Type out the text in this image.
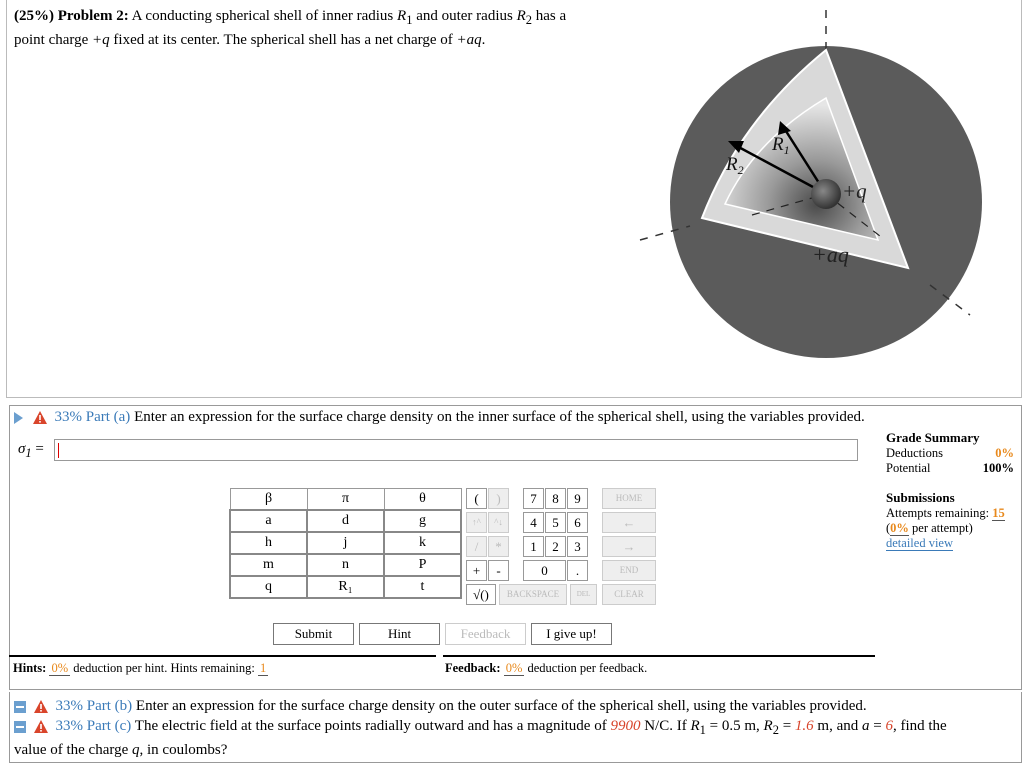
(25%) Problem 2: A conducting spherical shell of inner radius $R_1$ and outer radius $R_2$ has a
point charge +q fixed at its center. The spherical shell has a net charge of +aq.
$R_1$
$R_2$
+q
+aq
33% Part (a) Enter an expression for the surface charge density on the inner surface of the spherical shell, using the variables provided.
$\sigma_1$ =
Grade Summary
Deductions	0%
Potential	100%
Submissions
Attempts remaining: 15
(0% per attempt)
detailed view
β	π	θ
a	d	g
h	j	k
m	n	P
q	R₁	t
(	)	7	8	9	HOME
↑^	^↓	4	5	6	←
/	*	1	2	3	→
+	-	0	.	END
√()	BACKSPACE	DEL	CLEAR
Submit	Hint	Feedback	I give up!
Hints: 0% deduction per hint. Hints remaining: 1	Feedback: 0% deduction per feedback.
33% Part (b) Enter an expression for the surface charge density on the outer surface of the spherical shell, using the variables provided.
33% Part (c) The electric field at the surface points radially outward and has a magnitude of 9900 N/C. If $R_1 = 0.5$ m, $R_2 = 1.6$ m, and a = 6, find the
value of the charge q, in coulombs?
